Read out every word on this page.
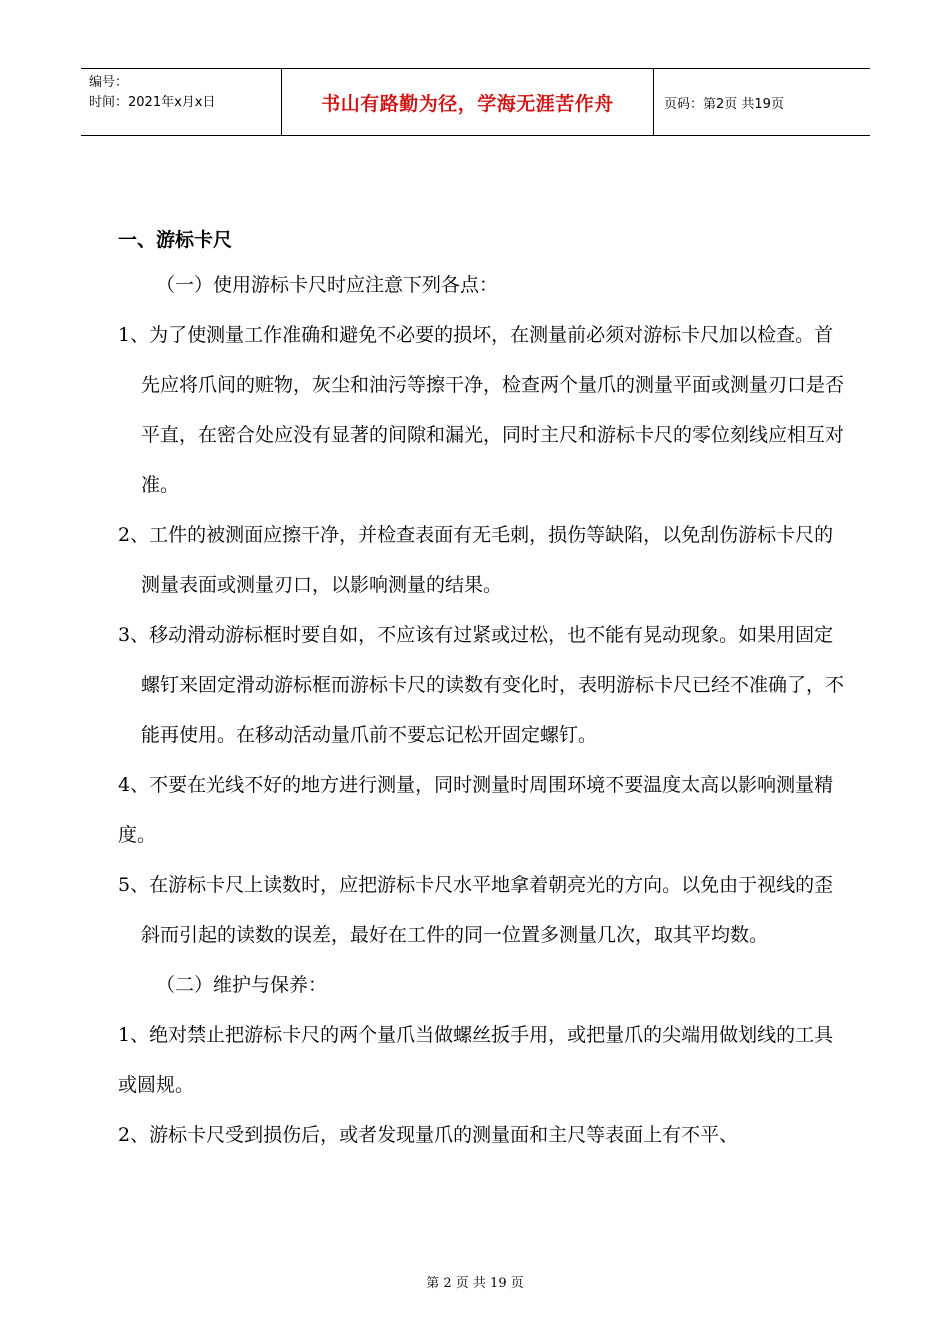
编号：
时间：2021年x月x日	书山有路勤为径，学海无涯苦作舟	页码：第2页 共19页

一、游标卡尺

（一）使用游标卡尺时应注意下列各点：

1、为了使测量工作准确和避免不必要的损坏，在测量前必须对游标卡尺加以检查。首先应将爪间的赃物，灰尘和油污等擦干净，检查两个量爪的测量平面或测量刃口是否平直，在密合处应没有显著的间隙和漏光，同时主尺和游标卡尺的零位刻线应相互对准。

2、工件的被测面应擦干净，并检查表面有无毛刺，损伤等缺陷，以免刮伤游标卡尺的测量表面或测量刃口，以影响测量的结果。

3、移动滑动游标框时要自如，不应该有过紧或过松，也不能有晃动现象。如果用固定螺钉来固定滑动游标框而游标卡尺的读数有变化时，表明游标卡尺已经不准确了，不能再使用。在移动活动量爪前不要忘记松开固定螺钉。

4、不要在光线不好的地方进行测量，同时测量时周围环境不要温度太高以影响测量精度。

5、在游标卡尺上读数时，应把游标卡尺水平地拿着朝亮光的方向。以免由于视线的歪斜而引起的读数的误差，最好在工件的同一位置多测量几次，取其平均数。

（二）维护与保养：

1、绝对禁止把游标卡尺的两个量爪当做螺丝扳手用，或把量爪的尖端用做划线的工具或圆规。

2、游标卡尺受到损伤后，或者发现量爪的测量面和主尺等表面上有不平、

第 2 页 共 19 页
